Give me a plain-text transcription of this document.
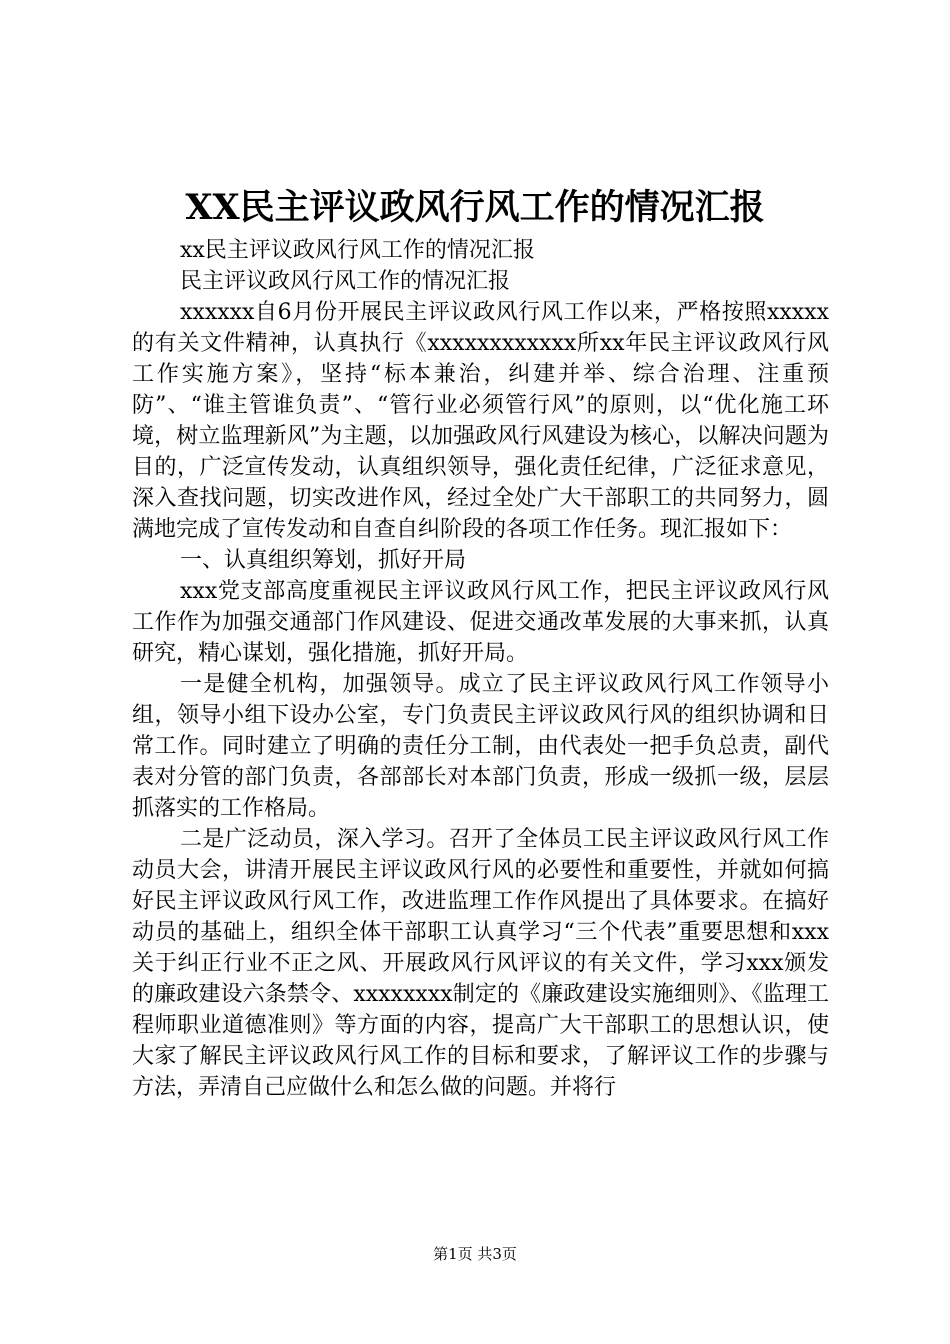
XX民主评议政风行风工作的情况汇报

xx民主评议政风行风工作的情况汇报

民主评议政风行风工作的情况汇报

xxxxxx自6月份开展民主评议政风行风工作以来，严格按照xxxxx的有关文件精神，认真执行《xxxxxxxxxxxx所xx年民主评议政风行风工作实施方案》，坚持“标本兼治，纠建并举、综合治理、注重预防”、“谁主管谁负责”、“管行业必须管行风”的原则，以“优化施工环境，树立监理新风”为主题，以加强政风行风建设为核心，以解决问题为目的，广泛宣传发动，认真组织领导，强化责任纪律，广泛征求意见，深入查找问题，切实改进作风，经过全处广大干部职工的共同努力，圆满地完成了宣传发动和自查自纠阶段的各项工作任务。现汇报如下：

一、认真组织筹划，抓好开局

xxx党支部高度重视民主评议政风行风工作，把民主评议政风行风工作作为加强交通部门作风建设、促进交通改革发展的大事来抓，认真研究，精心谋划，强化措施，抓好开局。

一是健全机构，加强领导。成立了民主评议政风行风工作领导小组，领导小组下设办公室，专门负责民主评议政风行风的组织协调和日常工作。同时建立了明确的责任分工制，由代表处一把手负总责，副代表对分管的部门负责，各部部长对本部门负责，形成一级抓一级，层层抓落实的工作格局。

二是广泛动员，深入学习。召开了全体员工民主评议政风行风工作动员大会，讲清开展民主评议政风行风的必要性和重要性，并就如何搞好民主评议政风行风工作，改进监理工作作风提出了具体要求。在搞好动员的基础上，组织全体干部职工认真学习“三个代表”重要思想和xxx关于纠正行业不正之风、开展政风行风评议的有关文件，学习xxx颁发的廉政建设六条禁令、xxxxxxxx制定的《廉政建设实施细则》、《监理工程师职业道德准则》等方面的内容，提高广大干部职工的思想认识，使大家了解民主评议政风行风工作的目标和要求，了解评议工作的步骤与方法，弄清自己应做什么和怎么做的问题。并将行

第1页 共3页
